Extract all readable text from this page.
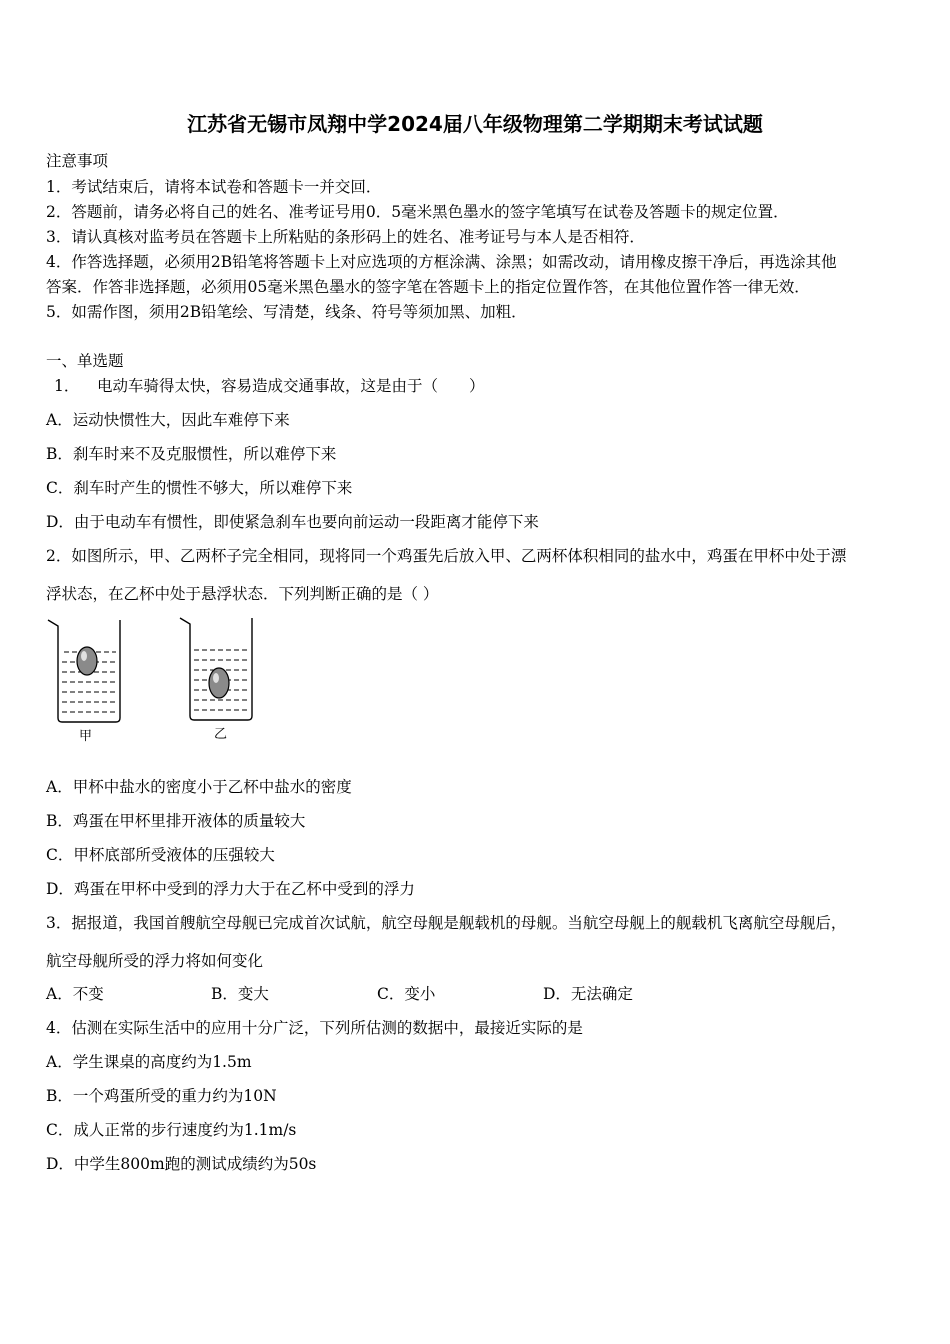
江苏省无锡市凤翔中学2024届八年级物理第二学期期末考试试题
注意事项
1．考试结束后，请将本试卷和答题卡一并交回．
2．答题前，请务必将自己的姓名、准考证号用0．5毫米黑色墨水的签字笔填写在试卷及答题卡的规定位置．
3．请认真核对监考员在答题卡上所粘贴的条形码上的姓名、准考证号与本人是否相符．
4．作答选择题，必须用2B铅笔将答题卡上对应选项的方框涂满、涂黑；如需改动，请用橡皮擦干净后，再选涂其他
答案．作答非选择题，必须用05毫米黑色墨水的签字笔在答题卡上的指定位置作答，在其他位置作答一律无效．
5．如需作图，须用2B铅笔绘、写清楚，线条、符号等须加黑、加粗．
一、单选题
1． 电动车骑得太快，容易造成交通事故，这是由于（　　）
A．运动快惯性大，因此车难停下来
B．刹车时来不及克服惯性，所以难停下来
C．刹车时产生的惯性不够大，所以难停下来
D．由于电动车有惯性，即使紧急刹车也要向前运动一段距离才能停下来
2．如图所示，甲、乙两杯子完全相同，现将同一个鸡蛋先后放入甲、乙两杯体积相同的盐水中，鸡蛋在甲杯中处于漂
浮状态，在乙杯中处于悬浮状态．下列判断正确的是（ ）
甲	乙
A．甲杯中盐水的密度小于乙杯中盐水的密度
B．鸡蛋在甲杯里排开液体的质量较大
C．甲杯底部所受液体的压强较大
D．鸡蛋在甲杯中受到的浮力大于在乙杯中受到的浮力
3．据报道，我国首艘航空母舰已完成首次试航，航空母舰是舰载机的母舰。当航空母舰上的舰载机飞离航空母舰后，
航空母舰所受的浮力将如何变化
A．不变	B．变大	C．变小	D．无法确定
4．估测在实际生活中的应用十分广泛，下列所估测的数据中，最接近实际的是
A．学生课桌的高度约为1.5m
B．一个鸡蛋所受的重力约为10N
C．成人正常的步行速度约为1.1m/s
D．中学生800m跑的测试成绩约为50s
